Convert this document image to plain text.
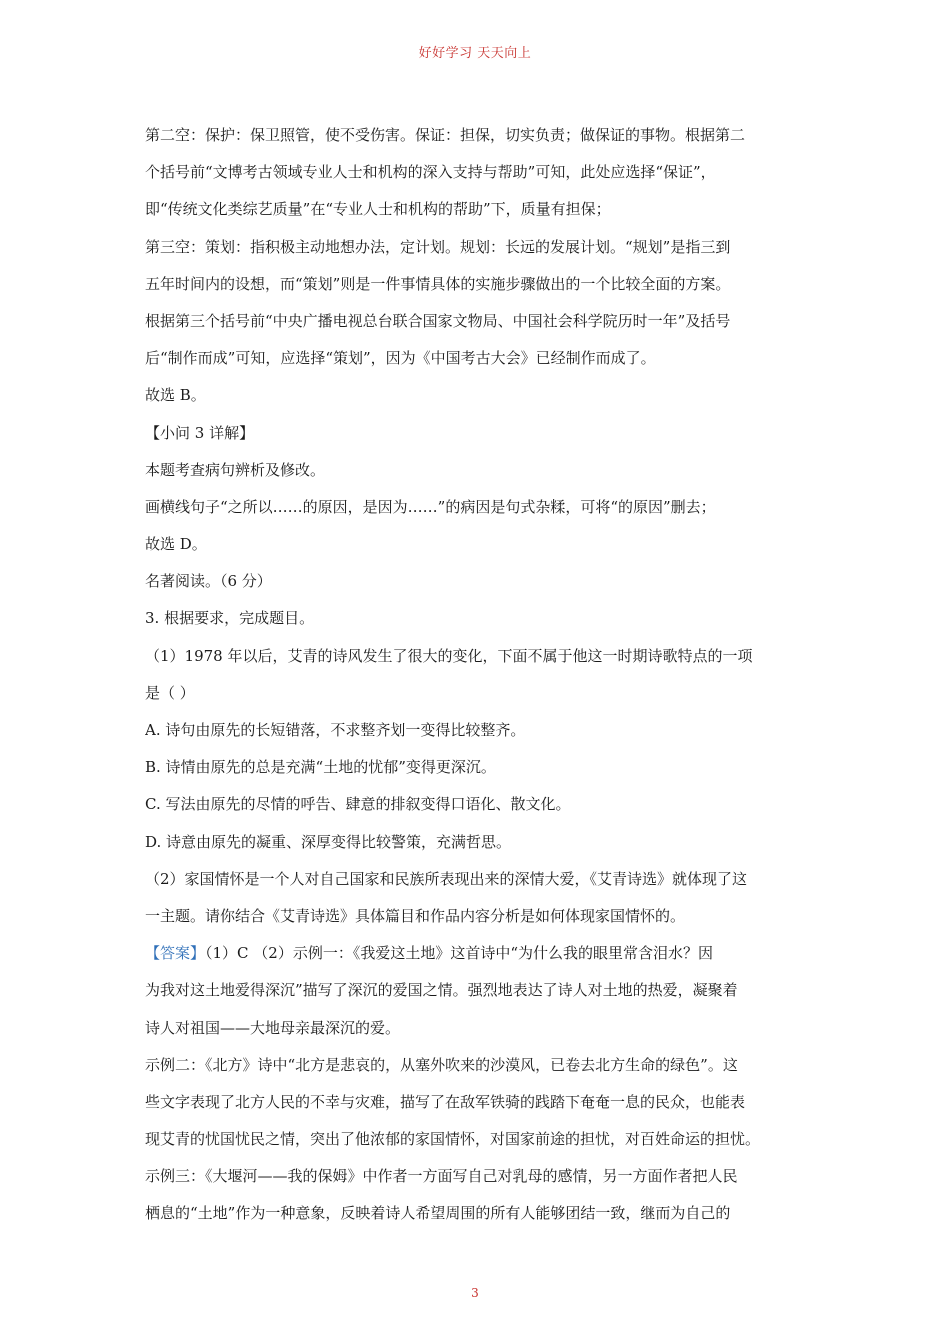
好好学习 天天向上
第二空：保护：保卫照管，使不受伤害。保证：担保，切实负责；做保证的事物。根据第二
个括号前“文博考古领域专业人士和机构的深入支持与帮助”可知，此处应选择“保证”，
即“传统文化类综艺质量”在“专业人士和机构的帮助”下，质量有担保；
第三空：策划：指积极主动地想办法，定计划。规划：长远的发展计划。“规划”是指三到
五年时间内的设想，而“策划”则是一件事情具体的实施步骤做出的一个比较全面的方案。
根据第三个括号前“中央广播电视总台联合国家文物局、中国社会科学院历时一年”及括号
后“制作而成”可知，应选择“策划”，因为《中国考古大会》已经制作而成了。
故选 B。
【小问 3 详解】
本题考查病句辨析及修改。
画横线句子“之所以……的原因，是因为……”的病因是句式杂糅，可将“的原因”删去；
故选 D。
名著阅读。（6 分）
3. 根据要求，完成题目。
（1）1978 年以后，艾青的诗风发生了很大的变化，下面不属于他这一时期诗歌特点的一项
是（ ）
A. 诗句由原先的长短错落，不求整齐划一变得比较整齐。
B. 诗情由原先的总是充满“土地的忧郁”变得更深沉。
C. 写法由原先的尽情的呼告、肆意的排叙变得口语化、散文化。
D. 诗意由原先的凝重、深厚变得比较警策，充满哲思。
（2）家国情怀是一个人对自己国家和民族所表现出来的深情大爱，《艾青诗选》就体现了这
一主题。请你结合《艾青诗选》具体篇目和作品内容分析是如何体现家国情怀的。
【答案】（1）C （2）示例一：《我爱这土地》这首诗中“为什么我的眼里常含泪水？因
为我对这土地爱得深沉”描写了深沉的爱国之情。强烈地表达了诗人对土地的热爱，凝聚着
诗人对祖国——大地母亲最深沉的爱。
示例二：《北方》诗中“北方是悲哀的，从塞外吹来的沙漠风，已卷去北方生命的绿色”。这
些文字表现了北方人民的不幸与灾难，描写了在敌军铁骑的践踏下奄奄一息的民众，也能表
现艾青的忧国忧民之情，突出了他浓郁的家国情怀，对国家前途的担忧，对百姓命运的担忧。
示例三：《大堰河——我的保姆》中作者一方面写自己对乳母的感情，另一方面作者把人民
栖息的“土地”作为一种意象，反映着诗人希望周围的所有人能够团结一致，继而为自己的
3
